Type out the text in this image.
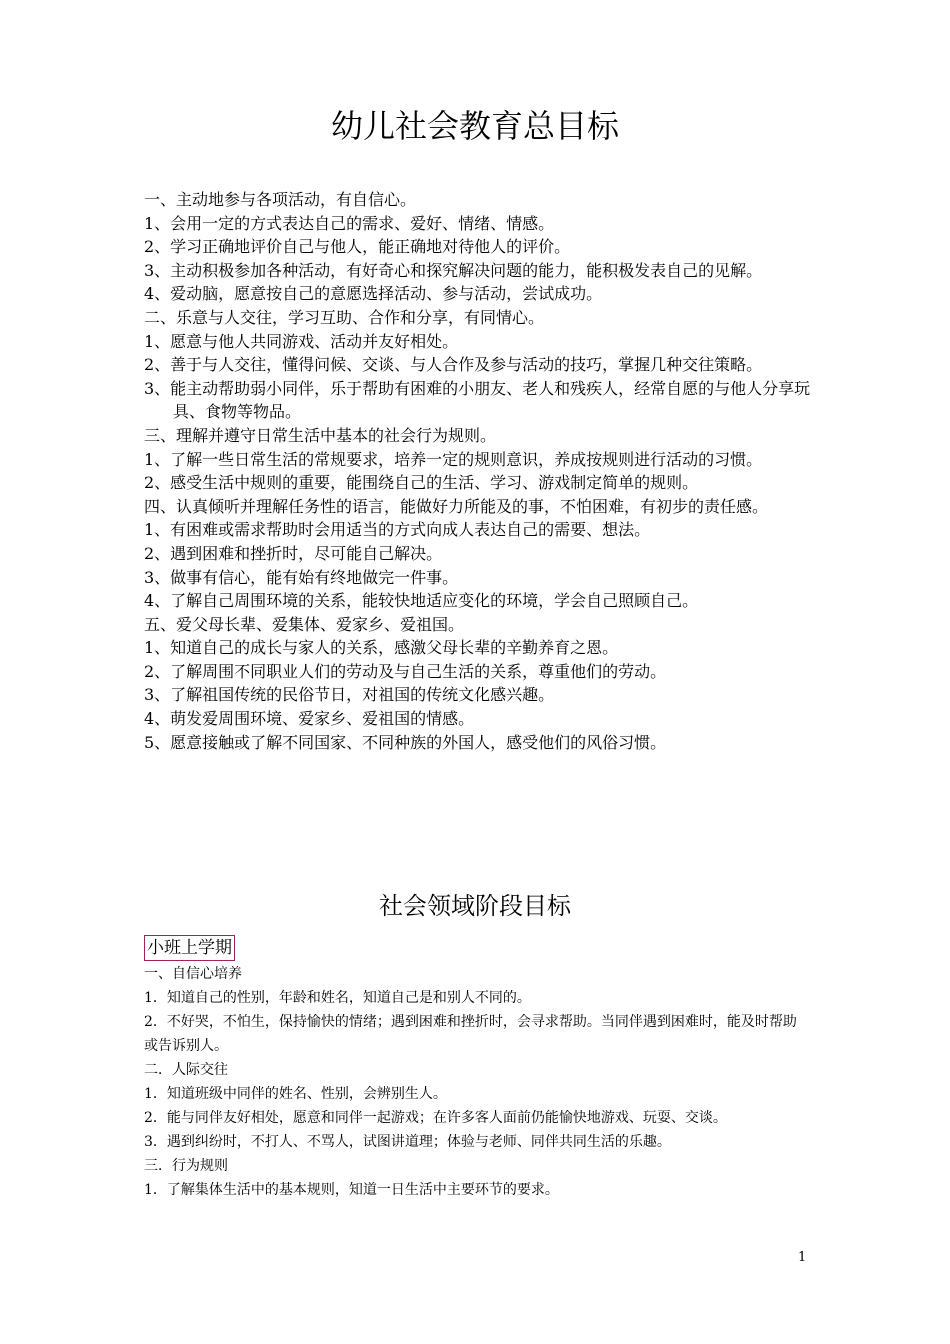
幼儿社会教育总目标

一、主动地参与各项活动，有自信心。

1、会用一定的方式表达自己的需求、爱好、情绪、情感。

2、学习正确地评价自己与他人，能正确地对待他人的评价。

3、主动积极参加各种活动，有好奇心和探究解决问题的能力，能积极发表自己的见解。

4、爱动脑，愿意按自己的意愿选择活动、参与活动，尝试成功。

二、乐意与人交往，学习互助、合作和分享，有同情心。

1、愿意与他人共同游戏、活动并友好相处。

2、善于与人交往，懂得问候、交谈、与人合作及参与活动的技巧，掌握几种交往策略。

3、能主动帮助弱小同伴，乐于帮助有困难的小朋友、老人和残疾人，经常自愿的与他人分享玩具、食物等物品。

三、理解并遵守日常生活中基本的社会行为规则。

1、了解一些日常生活的常规要求，培养一定的规则意识，养成按规则进行活动的习惯。

2、感受生活中规则的重要，能围绕自己的生活、学习、游戏制定简单的规则。

四、认真倾听并理解任务性的语言，能做好力所能及的事，不怕困难，有初步的责任感。

1、有困难或需求帮助时会用适当的方式向成人表达自己的需要、想法。

2、遇到困难和挫折时，尽可能自己解决。

3、做事有信心，能有始有终地做完一件事。

4、了解自己周围环境的关系，能较快地适应变化的环境，学会自己照顾自己。

五、爱父母长辈、爱集体、爱家乡、爱祖国。

1、知道自己的成长与家人的关系，感激父母长辈的辛勤养育之恩。

2、了解周围不同职业人们的劳动及与自己生活的关系，尊重他们的劳动。

3、了解祖国传统的民俗节日，对祖国的传统文化感兴趣。

4、萌发爱周围环境、爱家乡、爱祖国的情感。

5、愿意接触或了解不同国家、不同种族的外国人，感受他们的风俗习惯。

社会领域阶段目标
小班上学期

一、自信心培养

1．知道自己的性别，年龄和姓名，知道自己是和别人不同的。

2．不好哭，不怕生，保持愉快的情绪；遇到困难和挫折时，会寻求帮助。当同伴遇到困难时，能及时帮助或告诉别人。

二．人际交往

1．知道班级中同伴的姓名、性别，会辨别生人。

2．能与同伴友好相处，愿意和同伴一起游戏；在许多客人面前仍能愉快地游戏、玩耍、交谈。

3．遇到纠纷时，不打人、不骂人，试图讲道理；体验与老师、同伴共同生活的乐趣。

三．行为规则

1．了解集体生活中的基本规则，知道一日生活中主要环节的要求。

1
